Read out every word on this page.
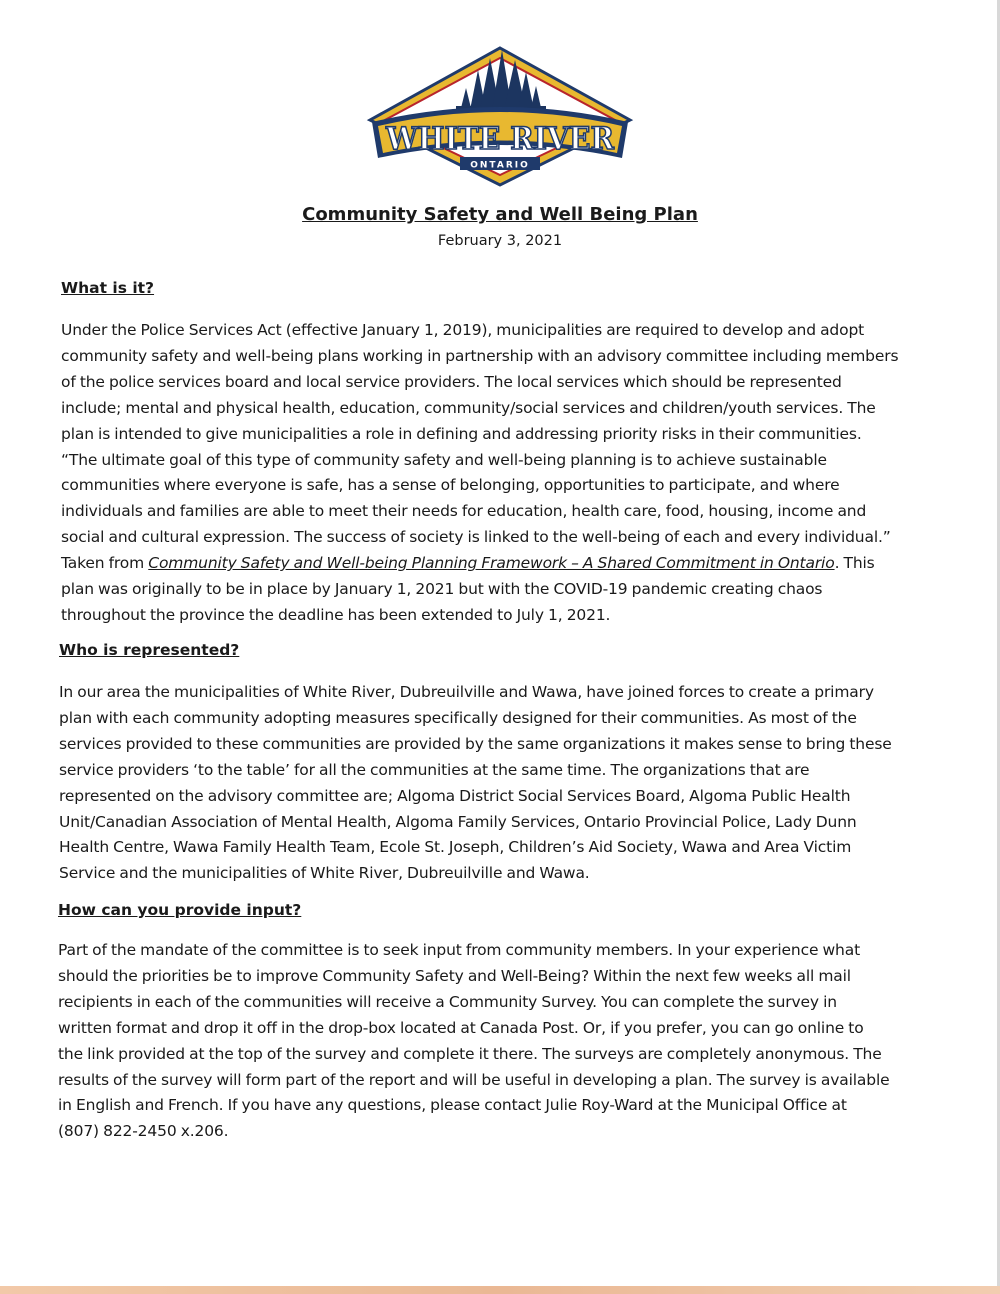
WHITE RIVER
ONTARIO
Community Safety and Well Being Plan
February 3, 2021
What is it?
Under the Police Services Act (effective January 1, 2019), municipalities are required to develop and adopt
community safety and well-being plans working in partnership with an advisory committee including members
of the police services board and local service providers. The local services which should be represented
include; mental and physical health, education, community/social services and children/youth services. The
plan is intended to give municipalities a role in defining and addressing priority risks in their communities.
“The ultimate goal of this type of community safety and well-being planning is to achieve sustainable
communities where everyone is safe, has a sense of belonging, opportunities to participate, and where
individuals and families are able to meet their needs for education, health care, food, housing, income and
social and cultural expression. The success of society is linked to the well-being of each and every individual.”
Taken from Community Safety and Well-being Planning Framework – A Shared Commitment in Ontario. This
plan was originally to be in place by January 1, 2021 but with the COVID-19 pandemic creating chaos
throughout the province the deadline has been extended to July 1, 2021.
Who is represented?
In our area the municipalities of White River, Dubreuilville and Wawa, have joined forces to create a primary
plan with each community adopting measures specifically designed for their communities. As most of the
services provided to these communities are provided by the same organizations it makes sense to bring these
service providers ‘to the table’ for all the communities at the same time. The organizations that are
represented on the advisory committee are; Algoma District Social Services Board, Algoma Public Health
Unit/Canadian Association of Mental Health, Algoma Family Services, Ontario Provincial Police, Lady Dunn
Health Centre, Wawa Family Health Team, Ecole St. Joseph, Children’s Aid Society, Wawa and Area Victim
Service and the municipalities of White River, Dubreuilville and Wawa.
How can you provide input?
Part of the mandate of the committee is to seek input from community members. In your experience what
should the priorities be to improve Community Safety and Well-Being? Within the next few weeks all mail
recipients in each of the communities will receive a Community Survey. You can complete the survey in
written format and drop it off in the drop-box located at Canada Post. Or, if you prefer, you can go online to
the link provided at the top of the survey and complete it there. The surveys are completely anonymous. The
results of the survey will form part of the report and will be useful in developing a plan. The survey is available
in English and French. If you have any questions, please contact Julie Roy-Ward at the Municipal Office at
(807) 822-2450 x.206.
